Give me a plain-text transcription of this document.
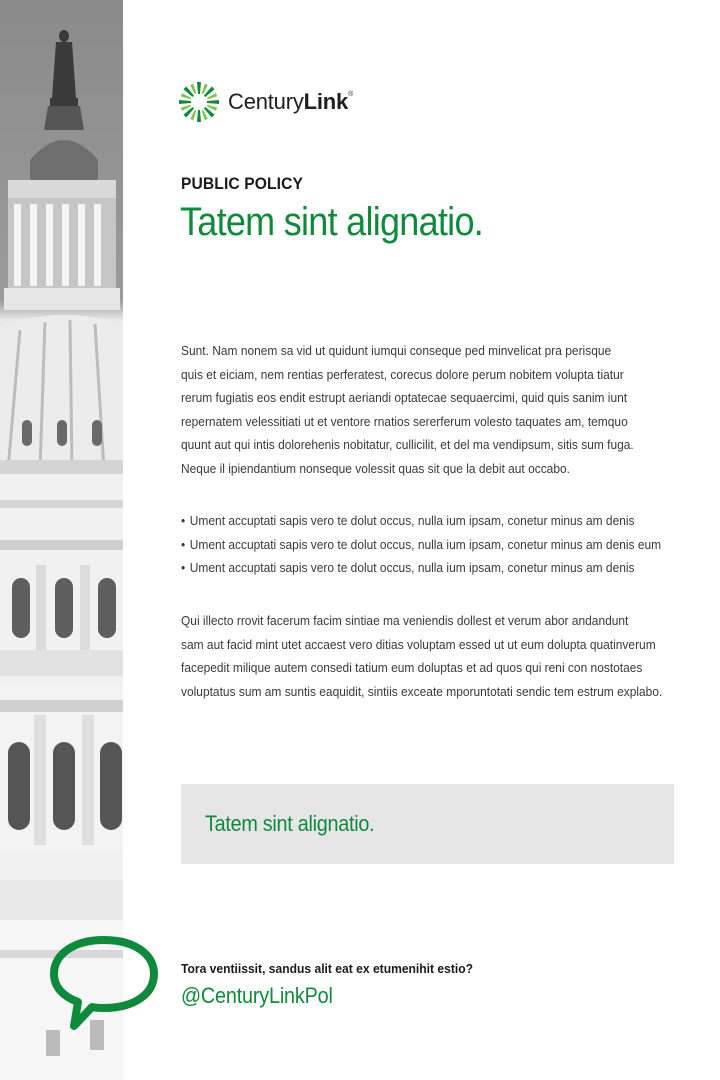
CenturyLink®

PUBLIC POLICY

Tatem sint alignatio.
Sunt. Nam nonem sa vid ut quidunt iumqui conseque ped minvelicat pra perisque
quis et eiciam, nem rentias perferatest, corecus dolore perum nobitem volupta tiatur
rerum fugiatis eos endit estrupt aeriandi optatecae sequaercimi, quid quis sanim iunt
repernatem velessitiati ut et ventore rnatios sererferum volesto taquates am, temquo
quunt aut qui intis dolorehenis nobitatur, cullicilit, et del ma vendipsum, sitis sum fuga.
Neque il ipiendantium nonseque volessit quas sit que la debit aut occabo.
• Ument accuptati sapis vero te dolut occus, nulla ium ipsam, conetur minus am denis
• Ument accuptati sapis vero te dolut occus, nulla ium ipsam, conetur minus am denis eum
• Ument accuptati sapis vero te dolut occus, nulla ium ipsam, conetur minus am denis
Qui illecto rrovit facerum facim sintiae ma veniendis dollest et verum abor andandunt
sam aut facid mint utet accaest vero ditias voluptam essed ut ut eum dolupta quatinverum
facepedit milique autem consedi tatium eum doluptas et ad quos qui reni con nostotaes
voluptatus sum am suntis eaquidit, sintiis exceate mporuntotati sendic tem estrum explabo.

Tatem sint alignatio.

Tora ventiissit, sandus alit eat ex etumenihit estio?

@CenturyLinkPol
